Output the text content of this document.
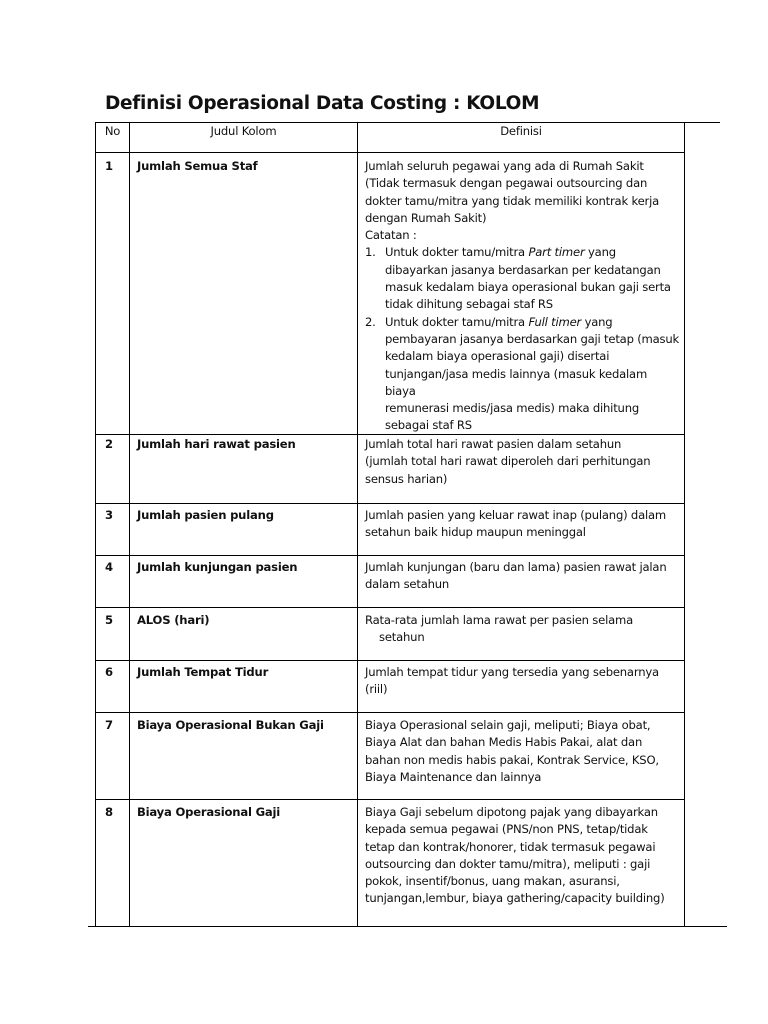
Definisi Operasional Data Costing : KOLOM
No	Judul Kolom	Definisi
1 Jumlah Semua Staf	Jumlah seluruh pegawai yang ada di Rumah Sakit

(Tidak termasuk dengan pegawai outsourcing dan

dokter tamu/mitra yang tidak memiliki kontrak kerja

dengan Rumah Sakit)

Catatan :

1. Untuk dokter tamu/mitra Part timer yang
dibayarkan jasanya berdasarkan per kedatangan
masuk kedalam biaya operasional bukan gaji serta
tidak dihitung sebagai staf RS
2. Untuk dokter tamu/mitra Full timer yang
pembayaran jasanya berdasarkan gaji tetap (masuk
kedalam biaya operasional gaji) disertai
tunjangan/jasa medis lainnya (masuk kedalam biaya
remunerasi medis/jasa medis) maka dihitung
sebagai staf RS
2 Jumlah hari rawat pasien	Jumlah total hari rawat pasien dalam setahun

(jumlah total hari rawat diperoleh dari perhitungan

sensus harian)

3 Jumlah pasien pulang	Jumlah pasien yang keluar rawat inap (pulang) dalam

setahun baik hidup maupun meninggal

4 Jumlah kunjungan pasien	Jumlah kunjungan (baru dan lama) pasien rawat jalan

dalam setahun

5 ALOS (hari)	Rata-rata jumlah lama rawat per pasien selama

setahun

6 Jumlah Tempat Tidur	Jumlah tempat tidur yang tersedia yang sebenarnya

(riil)

7 Biaya Operasional Bukan Gaji	Biaya Operasional selain gaji, meliputi; Biaya obat,

Biaya Alat dan bahan Medis Habis Pakai, alat dan

bahan non medis habis pakai, Kontrak Service, KSO,

Biaya Maintenance dan lainnya

8 Biaya Operasional Gaji	Biaya Gaji sebelum dipotong pajak yang dibayarkan

kepada semua pegawai (PNS/non PNS, tetap/tidak

tetap dan kontrak/honorer, tidak termasuk pegawai

outsourcing dan dokter tamu/mitra), meliputi : gaji

pokok, insentif/bonus, uang makan, asuransi,

tunjangan,lembur, biaya gathering/capacity building)
